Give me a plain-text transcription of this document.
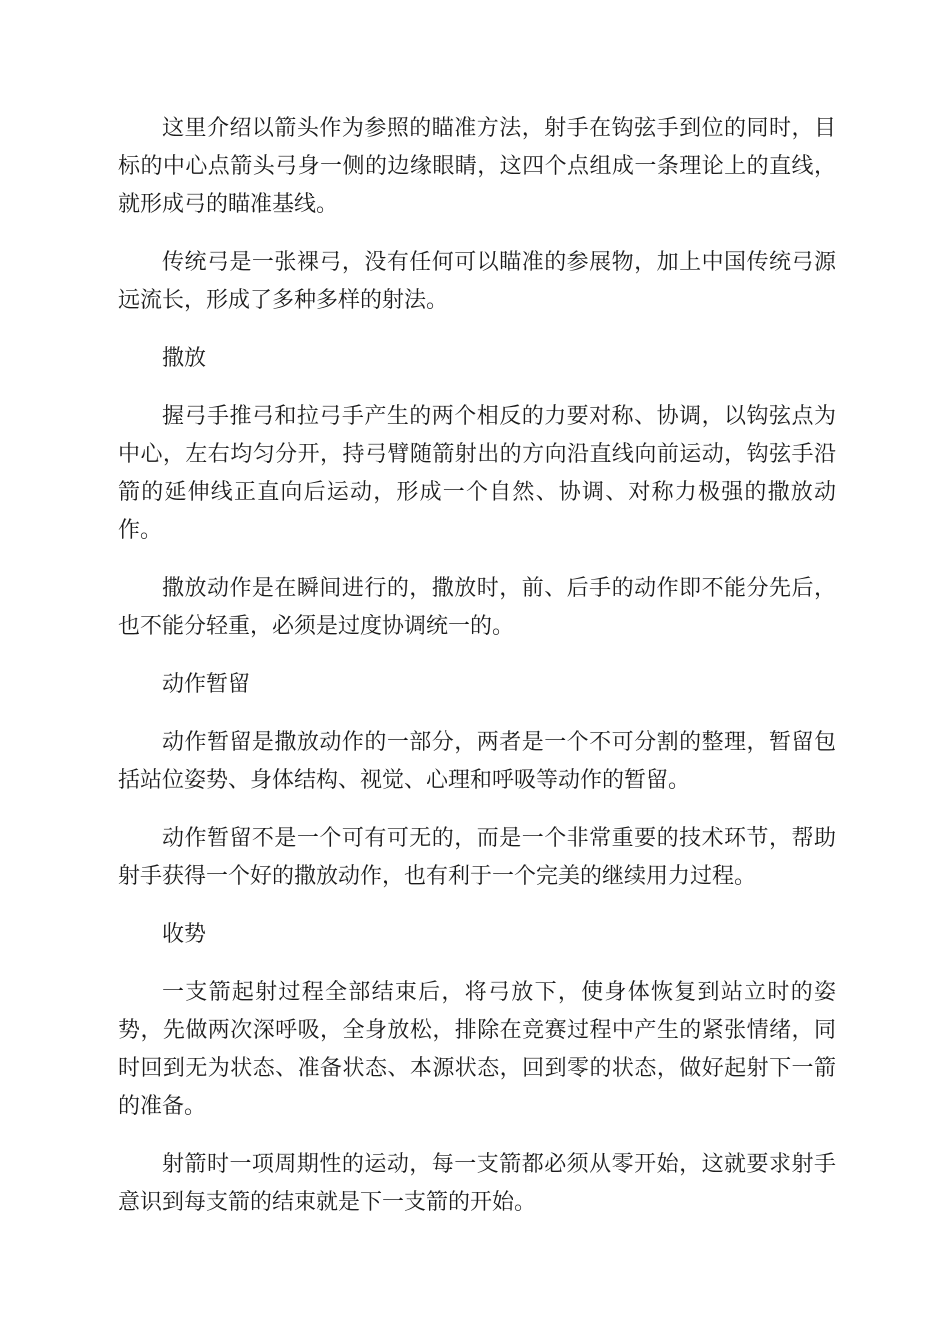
这里介绍以箭头作为参照的瞄准方法，射手在钩弦手到位的同时，目标的中心点箭头弓身一侧的边缘眼睛，这四个点组成一条理论上的直线，就形成弓的瞄准基线。

传统弓是一张裸弓，没有任何可以瞄准的参展物，加上中国传统弓源远流长，形成了多种多样的射法。

撒放

握弓手推弓和拉弓手产生的两个相反的力要对称、协调，以钩弦点为中心，左右均匀分开，持弓臂随箭射出的方向沿直线向前运动，钩弦手沿箭的延伸线正直向后运动，形成一个自然、协调、对称力极强的撒放动作。

撒放动作是在瞬间进行的，撒放时，前、后手的动作即不能分先后，也不能分轻重，必须是过度协调统一的。

动作暂留

动作暂留是撒放动作的一部分，两者是一个不可分割的整理，暂留包括站位姿势、身体结构、视觉、心理和呼吸等动作的暂留。

动作暂留不是一个可有可无的，而是一个非常重要的技术环节，帮助射手获得一个好的撒放动作，也有利于一个完美的继续用力过程。

收势

一支箭起射过程全部结束后，将弓放下，使身体恢复到站立时的姿势，先做两次深呼吸，全身放松，排除在竞赛过程中产生的紧张情绪，同时回到无为状态、准备状态、本源状态，回到零的状态，做好起射下一箭的准备。

射箭时一项周期性的运动，每一支箭都必须从零开始，这就要求射手意识到每支箭的结束就是下一支箭的开始。
